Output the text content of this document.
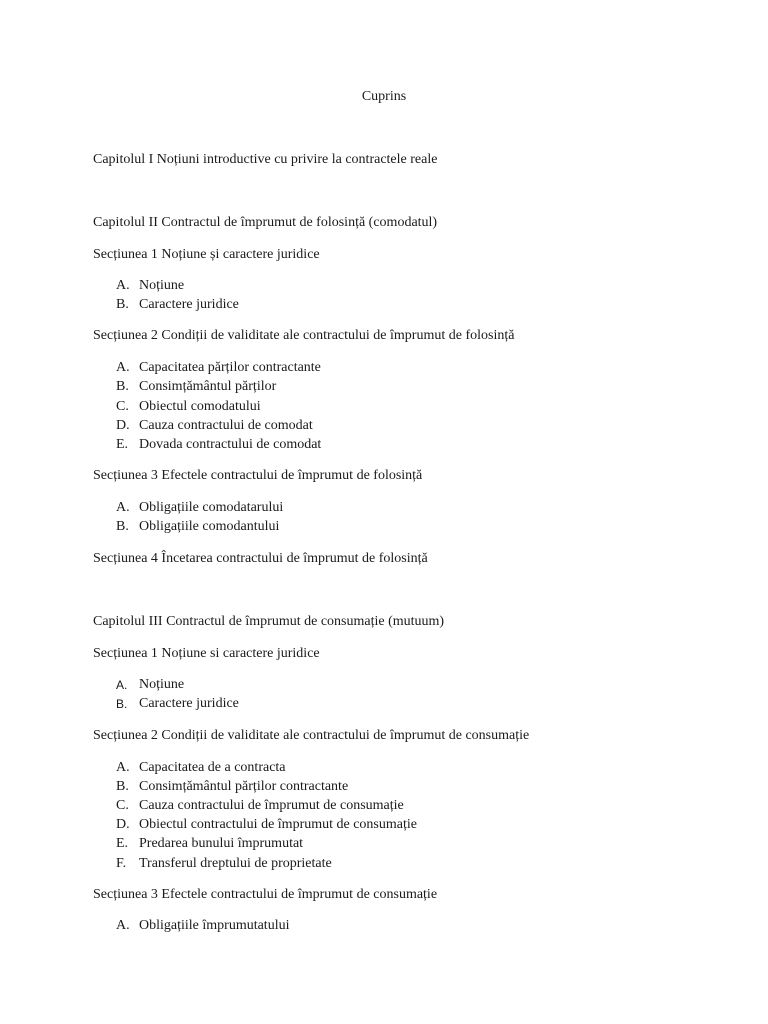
Cuprins
Capitolul I Noțiuni introductive cu privire la contractele reale
Capitolul II Contractul de împrumut de folosință (comodatul)
Secțiunea 1 Noțiune și caractere juridice
A. Noțiune
B. Caractere juridice
Secțiunea 2 Condiții de validitate ale contractului de împrumut de folosință
A. Capacitatea părților contractante
B. Consimțământul părților
C. Obiectul comodatului
D. Cauza contractului de comodat
E. Dovada contractului de comodat
Secțiunea 3 Efectele contractului de împrumut de folosință
A. Obligațiile comodatarului
B. Obligațiile comodantului
Secțiunea 4 Încetarea contractului de împrumut de folosință
Capitolul III Contractul de împrumut de consumație (mutuum)
Secțiunea 1 Noțiune si caractere juridice
A. Noțiune
B. Caractere juridice
Secțiunea 2 Condiții de validitate ale contractului de împrumut de consumație
A. Capacitatea de a contracta
B. Consimțământul părților contractante
C. Cauza contractului de împrumut de consumație
D. Obiectul contractului de împrumut de consumație
E. Predarea bunului împrumutat
F. Transferul dreptului de proprietate
Secțiunea 3 Efectele contractului de împrumut de consumație
A. Obligațiile împrumutatului
